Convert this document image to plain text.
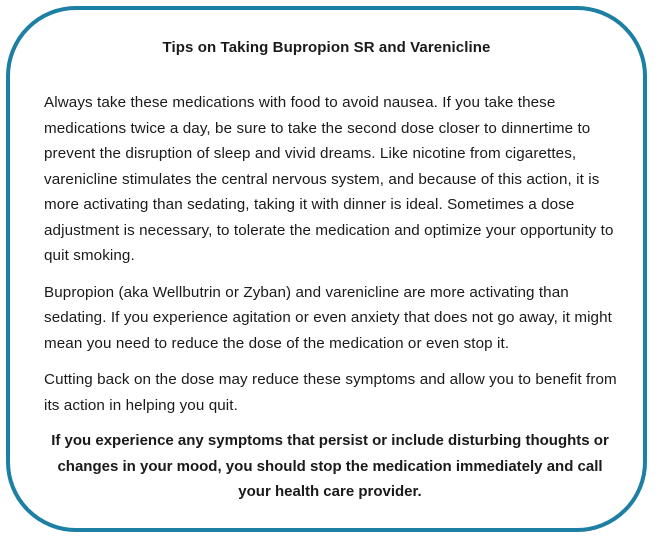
Tips on Taking Bupropion SR and Varenicline

Always take these medications with food to avoid nausea. If you take these medications twice a day, be sure to take the second dose closer to dinnertime to prevent the disruption of sleep and vivid dreams. Like nicotine from cigarettes, varenicline stimulates the central nervous system, and because of this action, it is more activating than sedating, taking it with dinner is ideal. Sometimes a dose adjustment is necessary, to tolerate the medication and optimize your opportunity to quit smoking.

Bupropion (aka Wellbutrin or Zyban) and varenicline are more activating than sedating. If you experience agitation or even anxiety that does not go away, it might mean you need to reduce the dose of the medication or even stop it.

Cutting back on the dose may reduce these symptoms and allow you to benefit from its action in helping you quit.

If you experience any symptoms that persist or include disturbing thoughts or changes in your mood, you should stop the medication immediately and call your health care provider.
